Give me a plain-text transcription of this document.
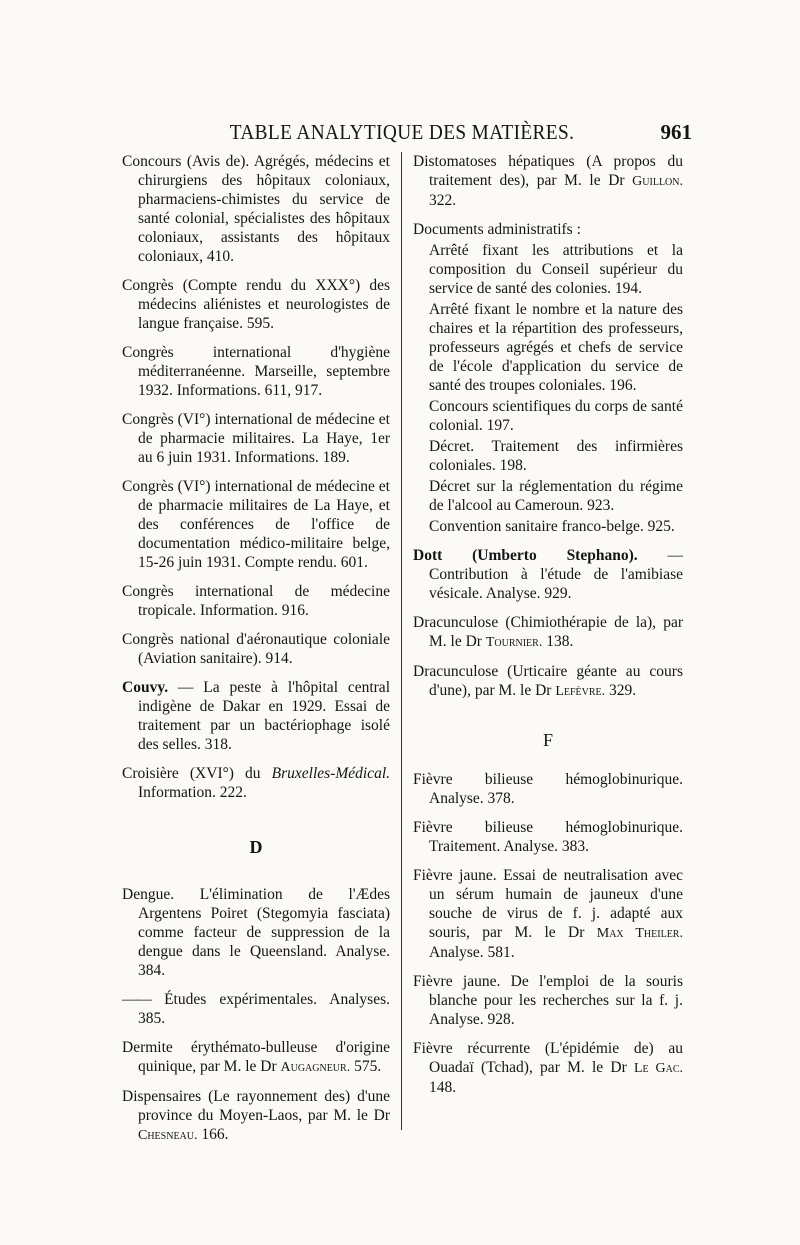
TABLE ANALYTIQUE DES MATIÈRES.	961

Concours (Avis de). Agrégés, médecins et chirurgiens des hôpitaux coloniaux, pharmaciens-chimistes du service de santé colonial, spécialistes des hôpitaux coloniaux, assistants des hôpitaux coloniaux, 410.

Congrès (Compte rendu du XXX°) des médecins aliénistes et neurologistes de langue française. 595.

Congrès international d'hygiène méditerranéenne. Marseille, septembre 1932. Informations. 611, 917.

Congrès (VI°) international de médecine et de pharmacie militaires. La Haye, 1er au 6 juin 1931. Informations. 189.

Congrès (VI°) international de médecine et de pharmacie militaires de La Haye, et des conférences de l'office de documentation médico-militaire belge, 15-26 juin 1931. Compte rendu. 601.

Congrès international de médecine tropicale. Information. 916.

Congrès national d'aéronautique coloniale (Aviation sanitaire). 914.

Couvy. — La peste à l'hôpital central indigène de Dakar en 1929. Essai de traitement par un bactériophage isolé des selles. 318.

Croisière (XVI°) du Bruxelles-Médical. Information. 222.

D

Dengue. L'élimination de l'Ædes Argentens Poiret (Stegomyia fasciata) comme facteur de suppression de la dengue dans le Queensland. Analyse. 384.

—— Études expérimentales. Analyses. 385.

Dermite érythémato-bulleuse d'origine quinique, par M. le Dr Augagneur. 575.

Dispensaires (Le rayonnement des) d'une province du Moyen-Laos, par M. le Dr Chesneau. 166.

Distomatoses hépatiques (A propos du traitement des), par M. le Dr Guillon. 322.

Documents administratifs :

Arrêté fixant les attributions et la composition du Conseil supérieur du service de santé des colonies. 194.

Arrêté fixant le nombre et la nature des chaires et la répartition des professeurs, professeurs agrégés et chefs de service de l'école d'application du service de santé des troupes coloniales. 196.

Concours scientifiques du corps de santé colonial. 197.

Décret. Traitement des infirmières coloniales. 198.

Décret sur la réglementation du régime de l'alcool au Cameroun. 923.

Convention sanitaire franco-belge. 925.

Dott (Umberto Stephano). — Contribution à l'étude de l'amibiase vésicale. Analyse. 929.

Dracunculose (Chimiothérapie de la), par M. le Dr Tournier. 138.

Dracunculose (Urticaire géante au cours d'une), par M. le Dr Lefèvre. 329.

F

Fièvre bilieuse hémoglobinurique. Analyse. 378.

Fièvre bilieuse hémoglobinurique. Traitement. Analyse. 383.

Fièvre jaune. Essai de neutralisation avec un sérum humain de jauneux d'une souche de virus de f. j. adapté aux souris, par M. le Dr Max Theiler. Analyse. 581.

Fièvre jaune. De l'emploi de la souris blanche pour les recherches sur la f. j. Analyse. 928.

Fièvre récurrente (L'épidémie de) au Ouadaï (Tchad), par M. le Dr Le Gac. 148.
